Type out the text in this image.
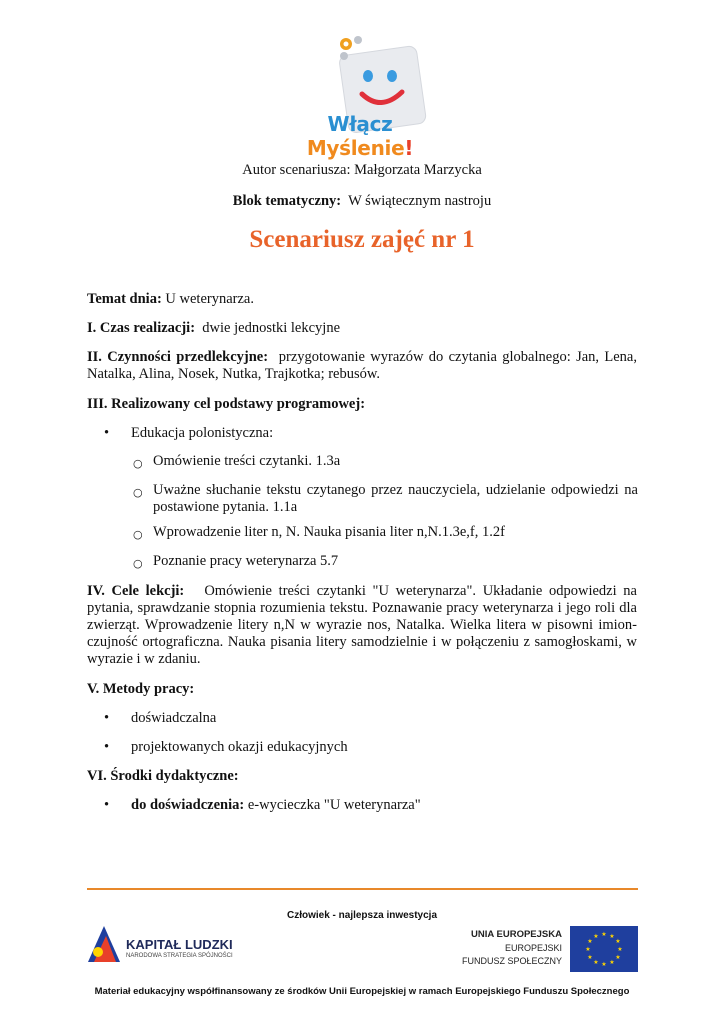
Włącz Myślenie!
Autor scenariusza: Małgorzata Marzycka
Blok tematyczny: W świątecznym nastroju
Scenariusz zajęć nr 1
Temat dnia: U weterynarza.
I. Czas realizacji: dwie jednostki lekcyjne
II. Czynności przedlekcyjne: przygotowanie wyrazów do czytania globalnego: Jan, Lena, Natalka, Alina, Nosek, Nutka, Trajkotka; rebusów.
III. Realizowany cel podstawy programowej:
• Edukacja polonistyczna:
○ Omówienie treści czytanki. 1.3a
○ Uważne słuchanie tekstu czytanego przez nauczyciela, udzielanie odpowiedzi na postawione pytania. 1.1a
○ Wprowadzenie liter n, N. Nauka pisania liter n,N.1.3e,f, 1.2f
○ Poznanie pracy weterynarza 5.7
IV. Cele lekcji: Omówienie treści czytanki "U weterynarza". Układanie odpowiedzi na pytania, sprawdzanie stopnia rozumienia tekstu. Poznawanie pracy weterynarza i jego roli dla zwierząt. Wprowadzenie litery n,N w wyrazie nos, Natalka. Wielka litera w pisowni imion- czujność ortograficzna. Nauka pisania litery samodzielnie i w połączeniu z samogłoskami, w wyrazie i w zdaniu.
V. Metody pracy:
• doświadczalna
• projektowanych okazji edukacyjnych
VI. Środki dydaktyczne:
• do doświadczenia: e-wycieczka "U weterynarza"
Człowiek - najlepsza inwestycja
KAPITAŁ LUDZKI
NARODOWA STRATEGIA SPÓJNOŚCI
UNIA EUROPEJSKA
EUROPEJSKI
FUNDUSZ SPOŁECZNY
★ ★
★
★
★
★
★
★
★
★
★
★
Materiał edukacyjny współfinansowany ze środków Unii Europejskiej w ramach Europejskiego Funduszu Społecznego
